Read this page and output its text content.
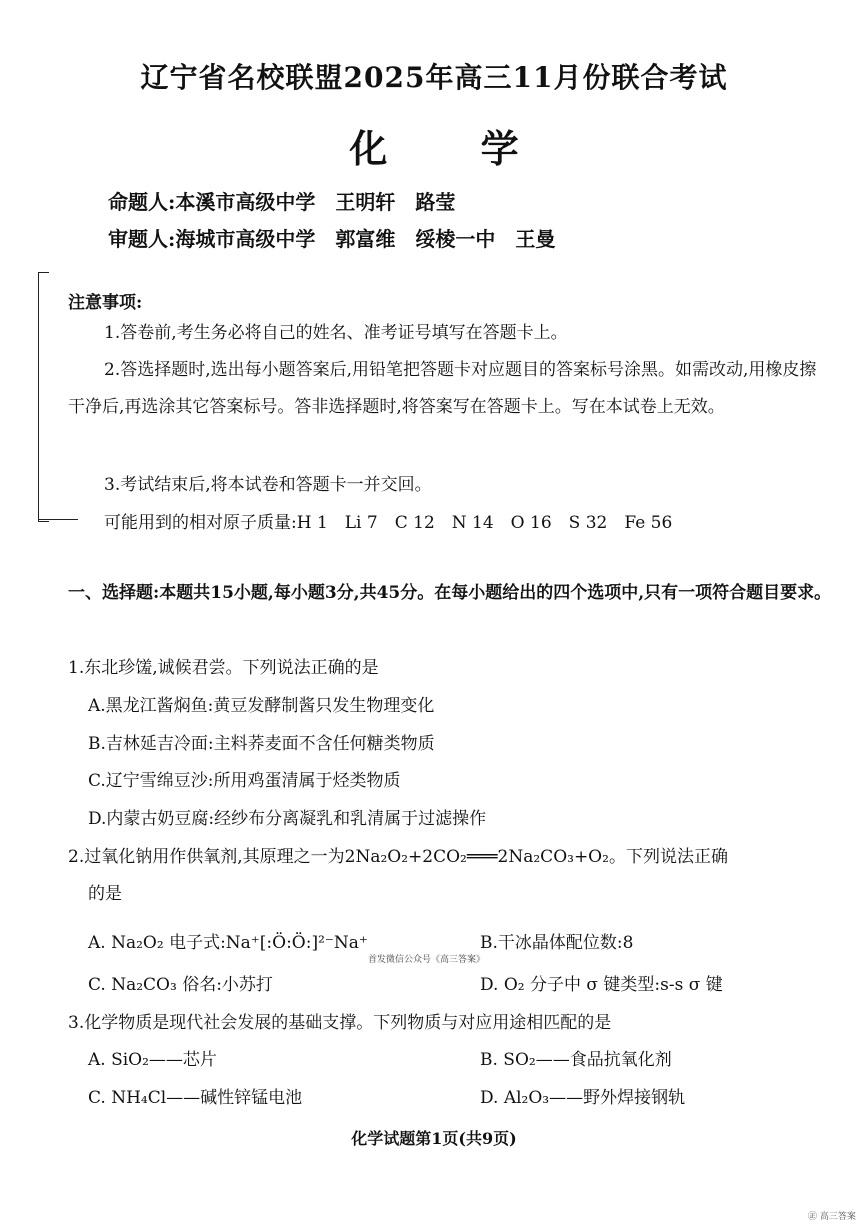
辽宁省名校联盟2025年高三11月份联合考试
化 学
命题人:本溪市高级中学　王明轩　路莹
审题人:海城市高级中学　郭富维　绥棱一中　王曼
注意事项:
1.答卷前,考生务必将自己的姓名、准考证号填写在答题卡上。
2.答选择题时,选出每小题答案后,用铅笔把答题卡对应题目的答案标号涂黑。如需改动,用橡皮擦干净后,再选涂其它答案标号。答非选择题时,将答案写在答题卡上。写在本试卷上无效。
3.考试结束后,将本试卷和答题卡一并交回。
可能用到的相对原子质量:H 1　Li 7　C 12　N 14　O 16　S 32　Fe 56
一、选择题:本题共15小题,每小题3分,共45分。在每小题给出的四个选项中,只有一项符合题目要求。
1.东北珍馐,诚候君尝。下列说法正确的是
A.黑龙江酱焖鱼:黄豆发酵制酱只发生物理变化
B.吉林延吉冷面:主料荞麦面不含任何糖类物质
C.辽宁雪绵豆沙:所用鸡蛋清属于烃类物质
D.内蒙古奶豆腐:经纱布分离凝乳和乳清属于过滤操作
2.过氧化钠用作供氧剂,其原理之一为2Na₂O₂+2CO₂═══2Na₂CO₃+O₂。下列说法正确
的是
A. Na₂O₂ 电子式:Na⁺[:Ö:Ö:]²⁻Na⁺	B.干冰晶体配位数:8
首发微信公众号《高三答案》
C. Na₂CO₃ 俗名:小苏打	D. O₂ 分子中 σ 键类型:s-s σ 键
3.化学物质是现代社会发展的基础支撑。下列物质与对应用途相匹配的是
A. SiO₂——芯片	B. SO₂——食品抗氧化剂
C. NH₄Cl——碱性锌锰电池	D. Al₂O₃——野外焊接钢轨
化学试题第1页(共9页)
㊣ 高三答案
